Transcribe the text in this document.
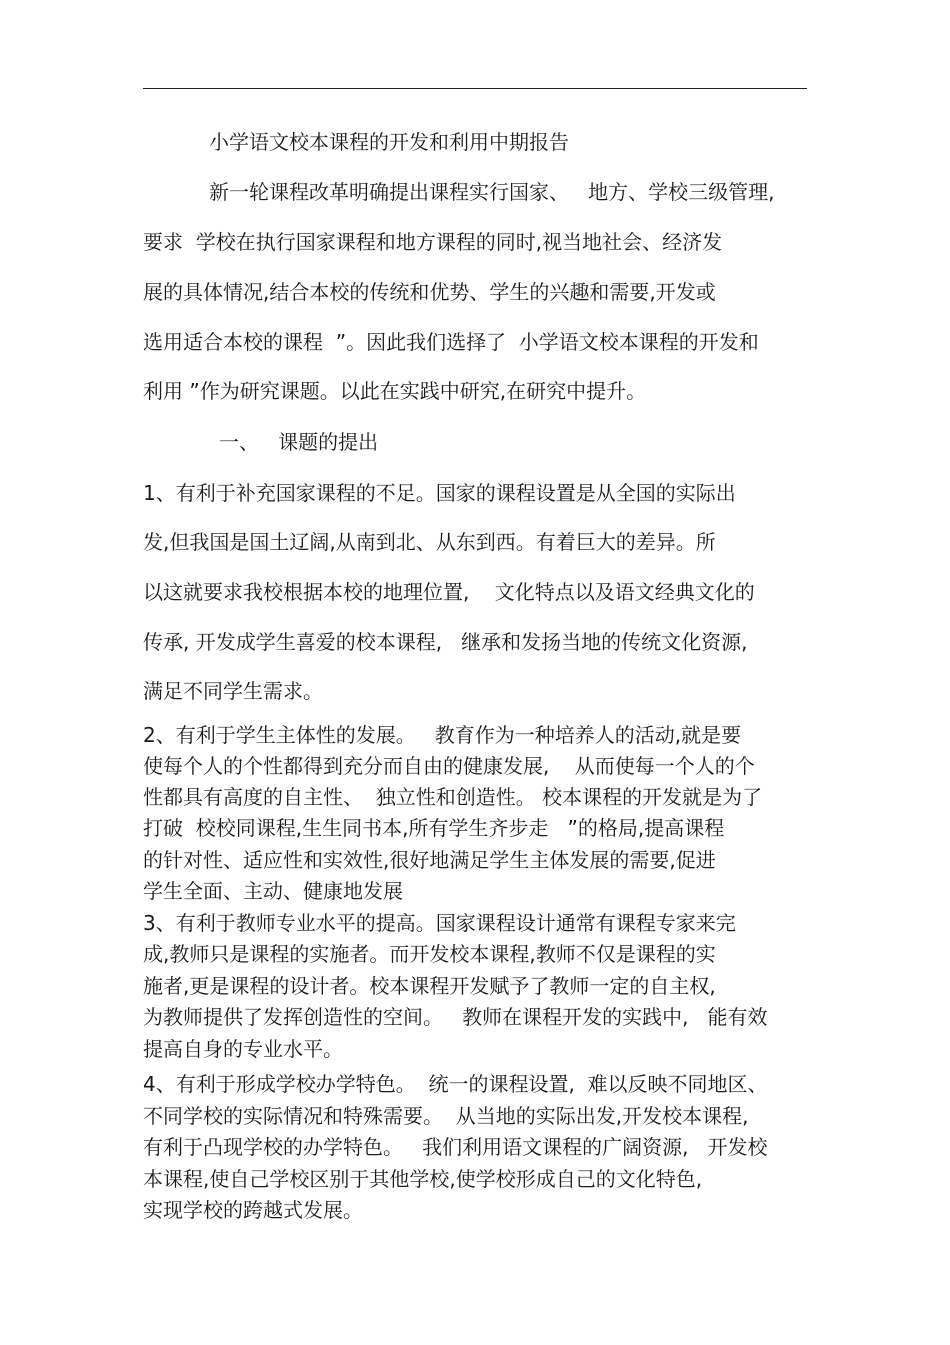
小学语文校本课程的开发和利用中期报告
新一轮课程改革明确提出课程实行国家、   地方、学校三级管理,
要求  学校在执行国家课程和地方课程的同时,视当地社会、经济发
展的具体情况,结合本校的传统和优势、学生的兴趣和需要,开发或
选用适合本校的课程  ”。因此我们选择了  小学语文校本课程的开发和
利用 ”作为研究课题。以此在实践中研究,在研究中提升。
一、   课题的提出
1、有利于补充国家课程的不足。国家的课程设置是从全国的实际出
发,但我国是国土辽阔,从南到北、从东到西。有着巨大的差异。所
以这就要求我校根据本校的地理位置,    文化特点以及语文经典文化的
传承, 开发成学生喜爱的校本课程,   继承和发扬当地的传统文化资源,
满足不同学生需求。
2、有利于学生主体性的发展。   教育作为一种培养人的活动,就是要
使每个人的个性都得到充分而自由的健康发展,    从而使每一个人的个
性都具有高度的自主性、  独立性和创造性。 校本课程的开发就是为了
打破  校校同课程,生生同书本,所有学生齐步走   ”的格局,提高课程
的针对性、适应性和实效性,很好地满足学生主体发展的需要,促进
学生全面、主动、健康地发展
3、有利于教师专业水平的提高。国家课程设计通常有课程专家来完
成,教师只是课程的实施者。而开发校本课程,教师不仅是课程的实
施者,更是课程的设计者。校本课程开发赋予了教师一定的自主权,
为教师提供了发挥创造性的空间。   教师在课程开发的实践中,   能有效
提高自身的专业水平。
4、有利于形成学校办学特色。  统一的课程设置,  难以反映不同地区、
不同学校的实际情况和特殊需要。  从当地的实际出发,开发校本课程,
有利于凸现学校的办学特色。   我们利用语文课程的广阔资源,   开发校
本课程,使自己学校区别于其他学校,使学校形成自己的文化特色,
实现学校的跨越式发展。
